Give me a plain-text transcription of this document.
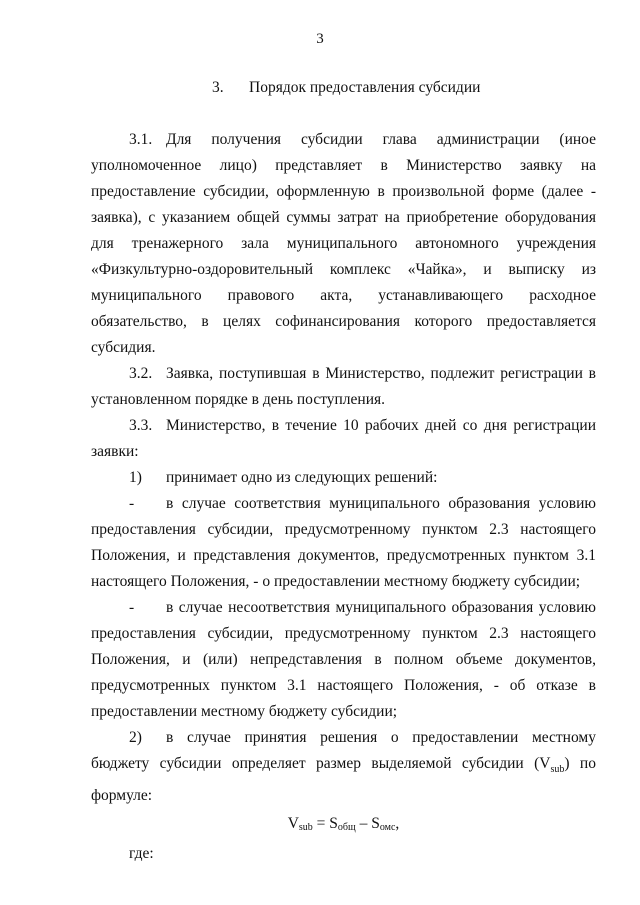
3
3. Порядок предоставления субсидии

3.1. Для получения субсидии глава администрации (иное уполномоченное лицо) представляет в Министерство заявку на предоставление субсидии, оформленную в произвольной форме (далее - заявка), с указанием общей суммы затрат на приобретение оборудования для тренажерного зала муниципального автономного учреждения «Физкультурно-оздоровительный комплекс «Чайка», и выписку из муниципального правового акта, устанавливающего расходное обязательство, в целях софинансирования которого предоставляется субсидия.

3.2. Заявка, поступившая в Министерство, подлежит регистрации в установленном порядке в день поступления.

3.3. Министерство, в течение 10 рабочих дней со дня регистрации заявки:

1) принимает одно из следующих решений:

- в случае соответствия муниципального образования условию предоставления субсидии, предусмотренному пунктом 2.3 настоящего Положения, и представления документов, предусмотренных пунктом 3.1 настоящего Положения, - о предоставлении местному бюджету субсидии;

- в случае несоответствия муниципального образования условию предоставления субсидии, предусмотренному пунктом 2.3 настоящего Положения, и (или) непредставления в полном объеме документов, предусмотренных пунктом 3.1 настоящего Положения, - об отказе в предоставлении местному бюджету субсидии;

2) в случае принятия решения о предоставлении местному бюджету субсидии определяет размер выделяемой субсидии $(V_{sub})$ по формуле:

$V_{sub} = S_{общ} - S_{омс}$,

где:
